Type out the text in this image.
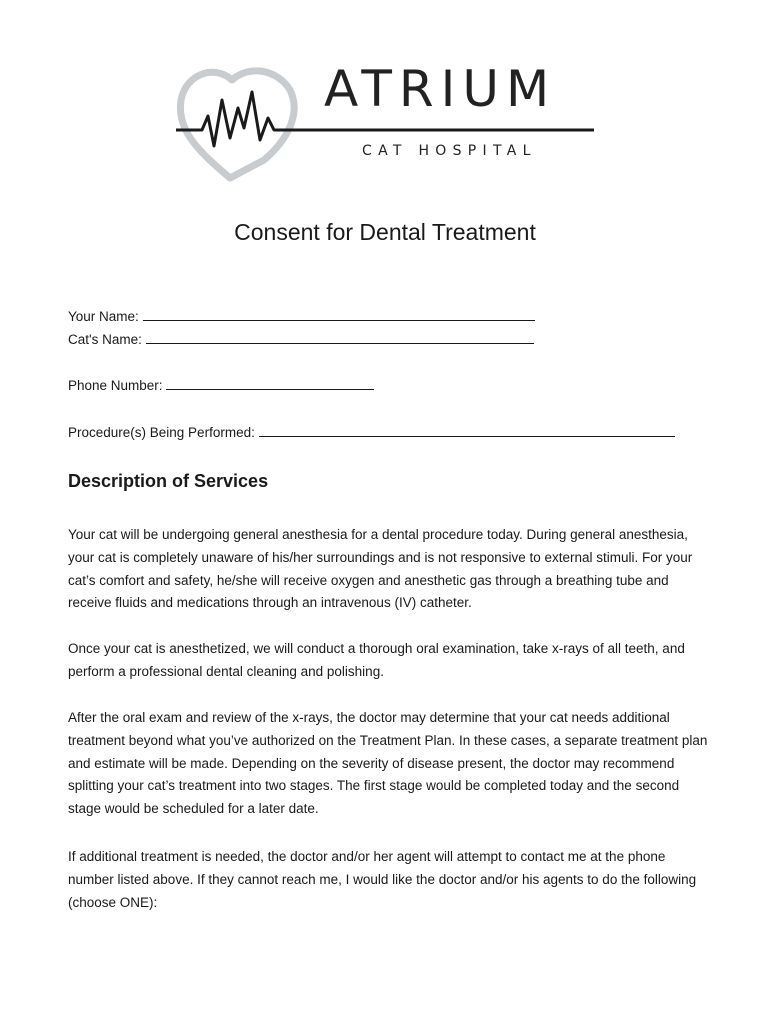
ATRIUM
CAT HOSPITAL
Consent for Dental Treatment
Your Name:
Cat's Name:
Phone Number:
Procedure(s) Being Performed:
Description of Services
Your cat will be undergoing general anesthesia for a dental procedure today. During general anesthesia, your cat is completely unaware of his/her surroundings and is not responsive to external stimuli. For your cat’s comfort and safety, he/she will receive oxygen and anesthetic gas through a breathing tube and receive fluids and medications through an intravenous (IV) catheter.
Once your cat is anesthetized, we will conduct a thorough oral examination, take x-rays of all teeth, and perform a professional dental cleaning and polishing.
After the oral exam and review of the x-rays, the doctor may determine that your cat needs additional treatment beyond what you’ve authorized on the Treatment Plan. In these cases, a separate treatment plan and estimate will be made. Depending on the severity of disease present, the doctor may recommend splitting your cat’s treatment into two stages. The first stage would be completed today and the second stage would be scheduled for a later date.
If additional treatment is needed, the doctor and/or her agent will attempt to contact me at the phone number listed above. If they cannot reach me, I would like the doctor and/or his agents to do the following (choose ONE):
